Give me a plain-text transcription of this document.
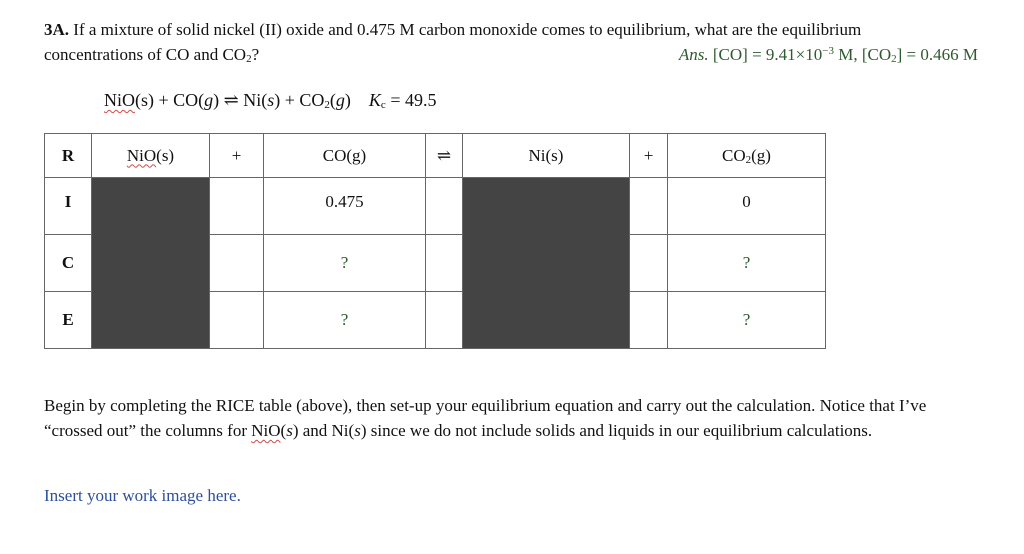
3A. If a mixture of solid nickel (II) oxide and 0.475 M carbon monoxide comes to equilibrium, what are the equilibrium
concentrations of CO and $CO_2$?	Ans. $[CO] = 9.41\times 10^{-3}$ M, $[CO_2] = 0.466$ M
NiO(s) + CO(g) ⇌ $Ni(s) + CO_2(g) K_c = 49.5$
R	NiO(s)	+	CO(g)	⇌	Ni(s)	+	$CO_2(g)$
I			0.475				0
C			?				?
E			?				?
Begin by completing the RICE table (above), then set-up your equilibrium equation and carry out the calculation. Notice that I’ve “crossed out” the columns for NiO(s) and Ni(s) since we do not include solids and liquids in our equilibrium calculations.
Insert your work image here.
